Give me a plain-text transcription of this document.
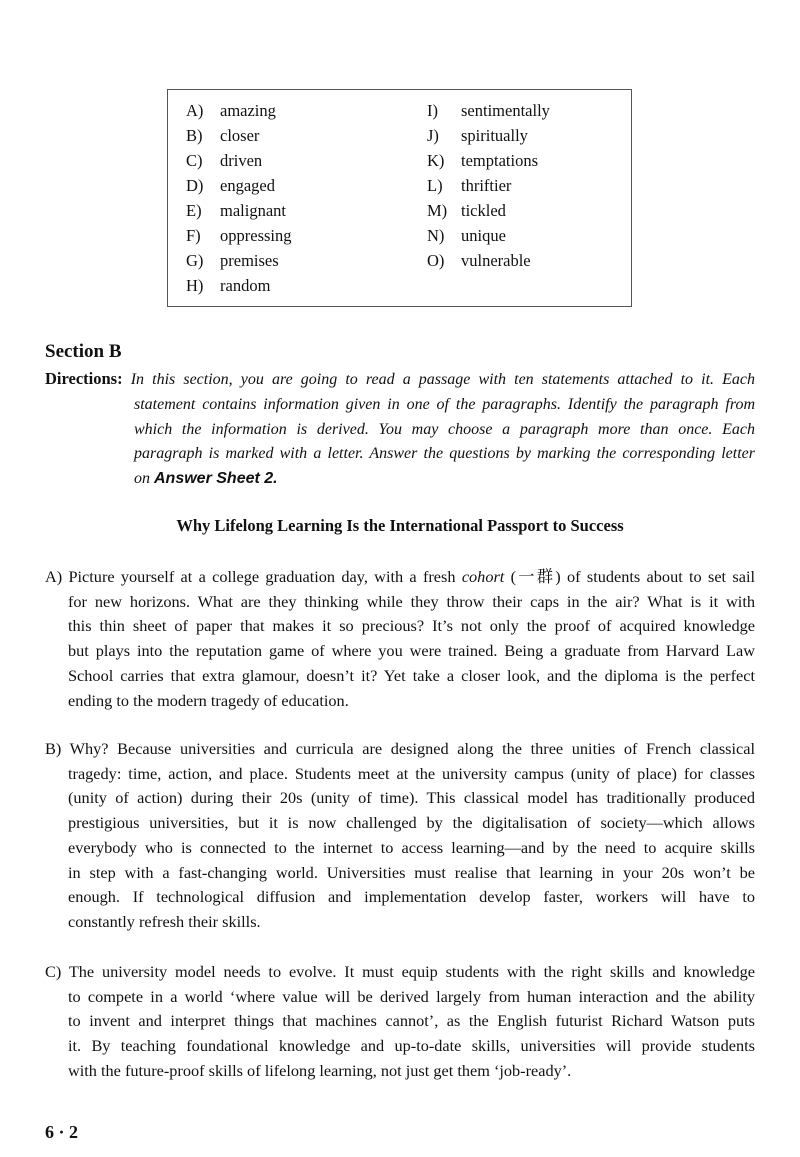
A) amazing
B) closer
C) driven
D) engaged
E) malignant
F) oppressing
G) premises
H) random
I) sentimentally
J) spiritually
K) temptations
L) thriftier
M) tickled
N) unique
O) vulnerable
Section B
Directions: In this section, you are going to read a passage with ten statements attached to it. Each
statement contains information given in one of the paragraphs. Identify the paragraph from
which the information is derived. You may choose a paragraph more than once. Each
paragraph is marked with a letter. Answer the questions by marking the corresponding letter
on Answer Sheet 2.
Why Lifelong Learning Is the International Passport to Success
A) Picture yourself at a college graduation day, with a fresh cohort (一群) of students about to set sail
for new horizons. What are they thinking while they throw their caps in the air? What is it with
this thin sheet of paper that makes it so precious? It’s not only the proof of acquired knowledge
but plays into the reputation game of where you were trained. Being a graduate from Harvard Law
School carries that extra glamour, doesn’t it? Yet take a closer look, and the diploma is the perfect
ending to the modern tragedy of education.
B) Why? Because universities and curricula are designed along the three unities of French classical
tragedy: time, action, and place. Students meet at the university campus (unity of place) for classes
(unity of action) during their 20s (unity of time). This classical model has traditionally produced
prestigious universities, but it is now challenged by the digitalisation of society—which allows
everybody who is connected to the internet to access learning—and by the need to acquire skills
in step with a fast-changing world. Universities must realise that learning in your 20s won’t be
enough. If technological diffusion and implementation develop faster, workers will have to
constantly refresh their skills.
C) The university model needs to evolve. It must equip students with the right skills and knowledge
to compete in a world ‘where value will be derived largely from human interaction and the ability
to invent and interpret things that machines cannot’, as the English futurist Richard Watson puts
it. By teaching foundational knowledge and up-to-date skills, universities will provide students
with the future-proof skills of lifelong learning, not just get them ‘job-ready’.
6 · 2
